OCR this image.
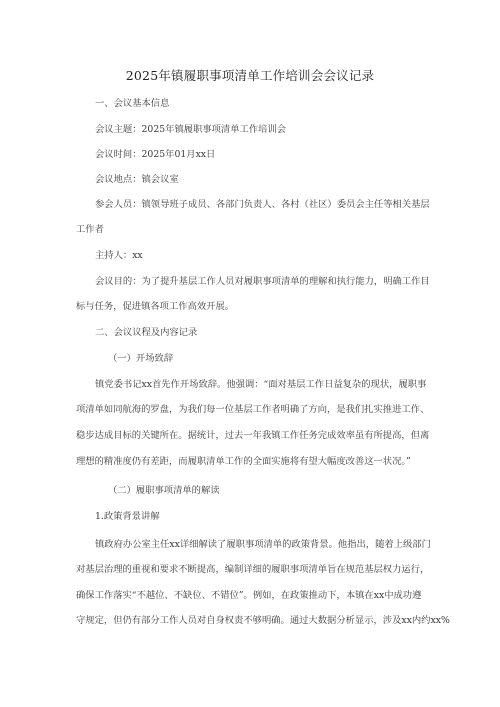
2025年镇履职事项清单工作培训会会议记录
一、会议基本信息
会议主题：2025年镇履职事项清单工作培训会
会议时间：2025年01月xx日
会议地点：镇会议室
参会人员：镇领导班子成员、各部门负责人、各村（社区）委员会主任等相关基层
工作者
主持人：xx
会议目的：为了提升基层工作人员对履职事项清单的理解和执行能力，明确工作目
标与任务，促进镇各项工作高效开展。
二、会议议程及内容记录
（一）开场致辞
镇党委书记xx首先作开场致辞。他强调：“面对基层工作日益复杂的现状，履职事
项清单如同航海的罗盘，为我们每一位基层工作者明确了方向，是我们扎实推进工作、
稳步达成目标的关键所在。据统计，过去一年我镇工作任务完成效率虽有所提高，但离
理想的精准度仍有差距，而履职清单工作的全面实施将有望大幅度改善这一状况。”
（二）履职事项清单的解读
1.政策背景讲解
镇政府办公室主任xx详细解读了履职事项清单的政策背景。他指出，随着上级部门
对基层治理的重视和要求不断提高，编制详细的履职事项清单旨在规范基层权力运行，
确保工作落实“不越位、不缺位、不错位”。例如，在政策推动下，本镇在xx中成功遵
守规定，但仍有部分工作人员对自身权责不够明确。通过大数据分析显示，涉及xx内约xx%
